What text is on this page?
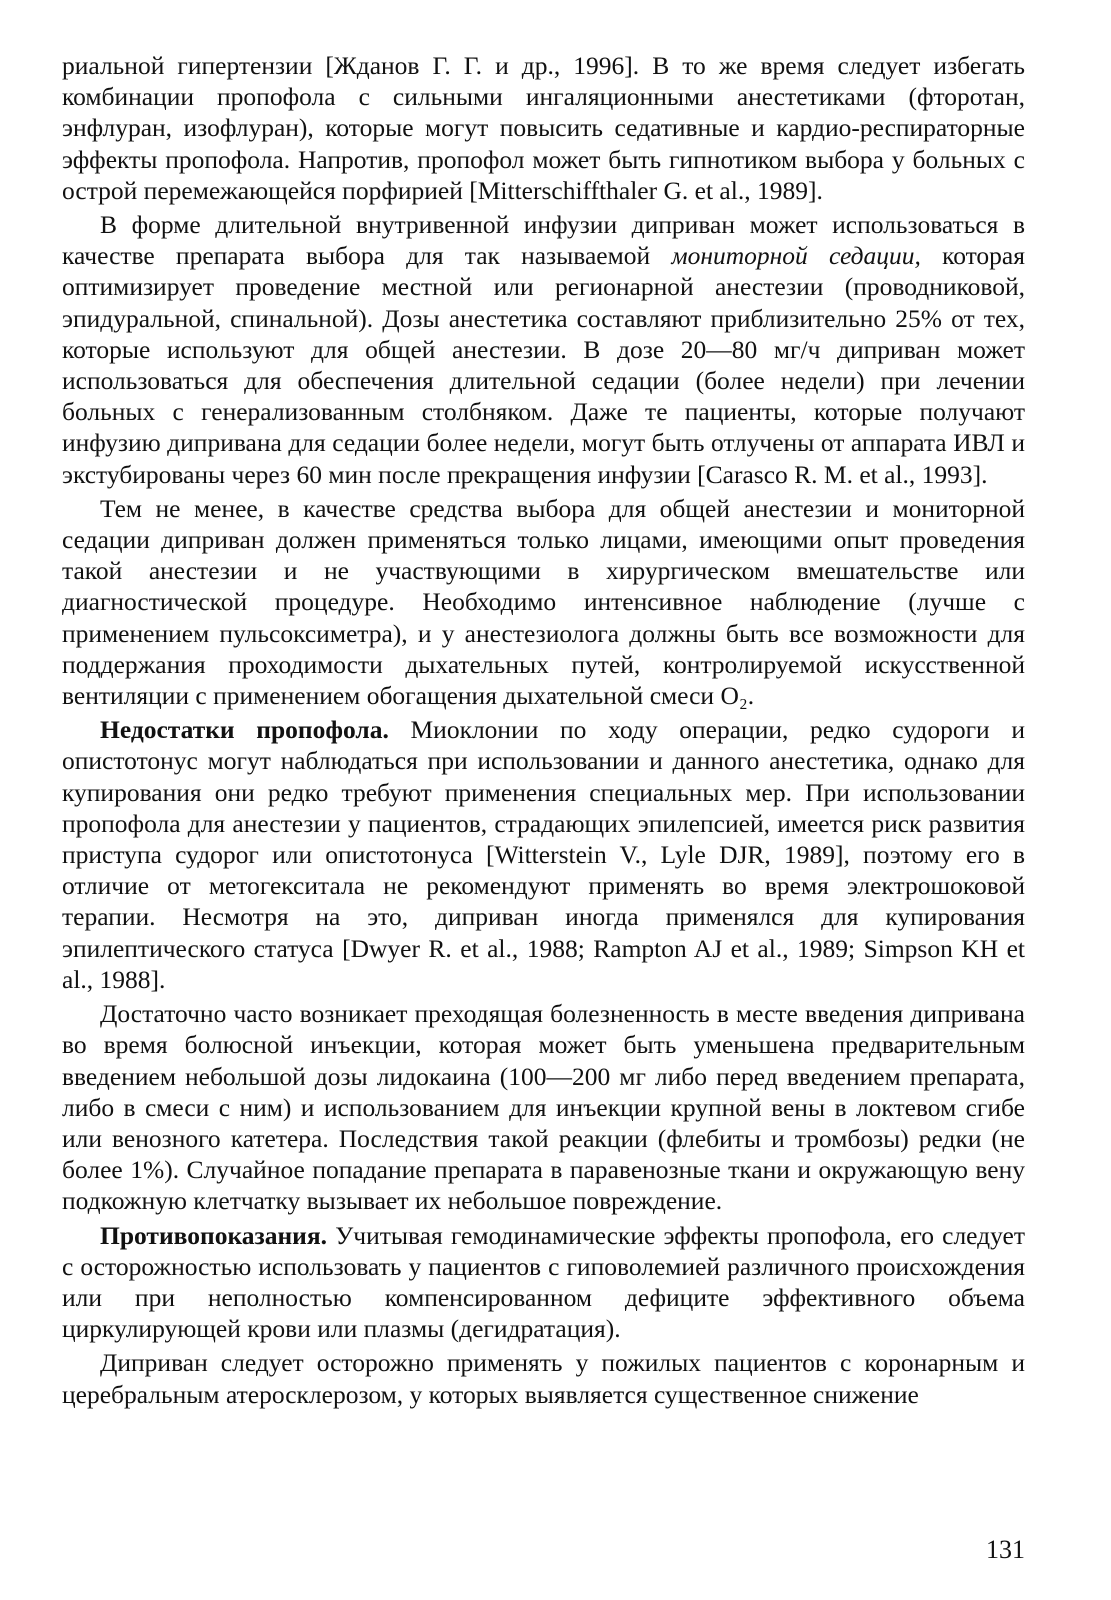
риальной гипертензии [Жданов Г. Г. и др., 1996]. В то же время следует избегать комбинации пропофола с сильными ингаляционными анестетиками (фторотан, энфлуран, изофлуран), которые могут повысить седативные и кардио-респираторные эффекты пропофола. Напротив, пропофол может быть гипнотиком выбора у больных с острой перемежающейся порфирией [Mitterschiffthaler G. et al., 1989].

В форме длительной внутривенной инфузии диприван может использоваться в качестве препарата выбора для так называемой мониторной седации, которая оптимизирует проведение местной или регионарной анестезии (проводниковой, эпидуральной, спинальной). Дозы анестетика составляют приблизительно 25% от тех, которые используют для общей анестезии. В дозе 20—80 мг/ч диприван может использоваться для обеспечения длительной седации (более недели) при лечении больных с генерализованным столбняком. Даже те пациенты, которые получают инфузию дипривана для седации более недели, могут быть отлучены от аппарата ИВЛ и экстубированы через 60 мин после прекращения инфузии [Carasco R. M. et al., 1993].

Тем не менее, в качестве средства выбора для общей анестезии и мониторной седации диприван должен применяться только лицами, имеющими опыт проведения такой анестезии и не участвующими в хирургическом вмешательстве или диагностической процедуре. Необходимо интенсивное наблюдение (лучше с применением пульсоксиметра), и у анестезиолога должны быть все возможности для поддержания проходимости дыхательных путей, контролируемой искусственной вентиляции с применением обогащения дыхательной смеси O₂.

Недостатки пропофола. Миоклонии по ходу операции, редко судороги и опистотонус могут наблюдаться при использовании и данного анестетика, однако для купирования они редко требуют применения специальных мер. При использовании пропофола для анестезии у пациентов, страдающих эпилепсией, имеется риск развития приступа судорог или опистотонуса [Witterstein V., Lyle DJR, 1989], поэтому его в отличие от метогекситала не рекомендуют применять во время электрошоковой терапии. Несмотря на это, диприван иногда применялся для купирования эпилептического статуса [Dwyer R. et al., 1988; Rampton AJ et al., 1989; Simpson KH et al., 1988].

Достаточно часто возникает преходящая болезненность в месте введения дипривана во время болюсной инъекции, которая может быть уменьшена предварительным введением небольшой дозы лидокаина (100—200 мг либо перед введением препарата, либо в смеси с ним) и использованием для инъекции крупной вены в локтевом сгибе или венозного катетера. Последствия такой реакции (флебиты и тромбозы) редки (не более 1%). Случайное попадание препарата в паравенозные ткани и окружающую вену подкожную клетчатку вызывает их небольшое повреждение.

Противопоказания. Учитывая гемодинамические эффекты пропофола, его следует с осторожностью использовать у пациентов с гиповолемией различного происхождения или при неполностью компенсированном дефиците эффективного объема циркулирующей крови или плазмы (дегидратация).

Диприван следует осторожно применять у пожилых пациентов с коронарным и церебральным атеросклерозом, у которых выявляется существенное снижение

131
